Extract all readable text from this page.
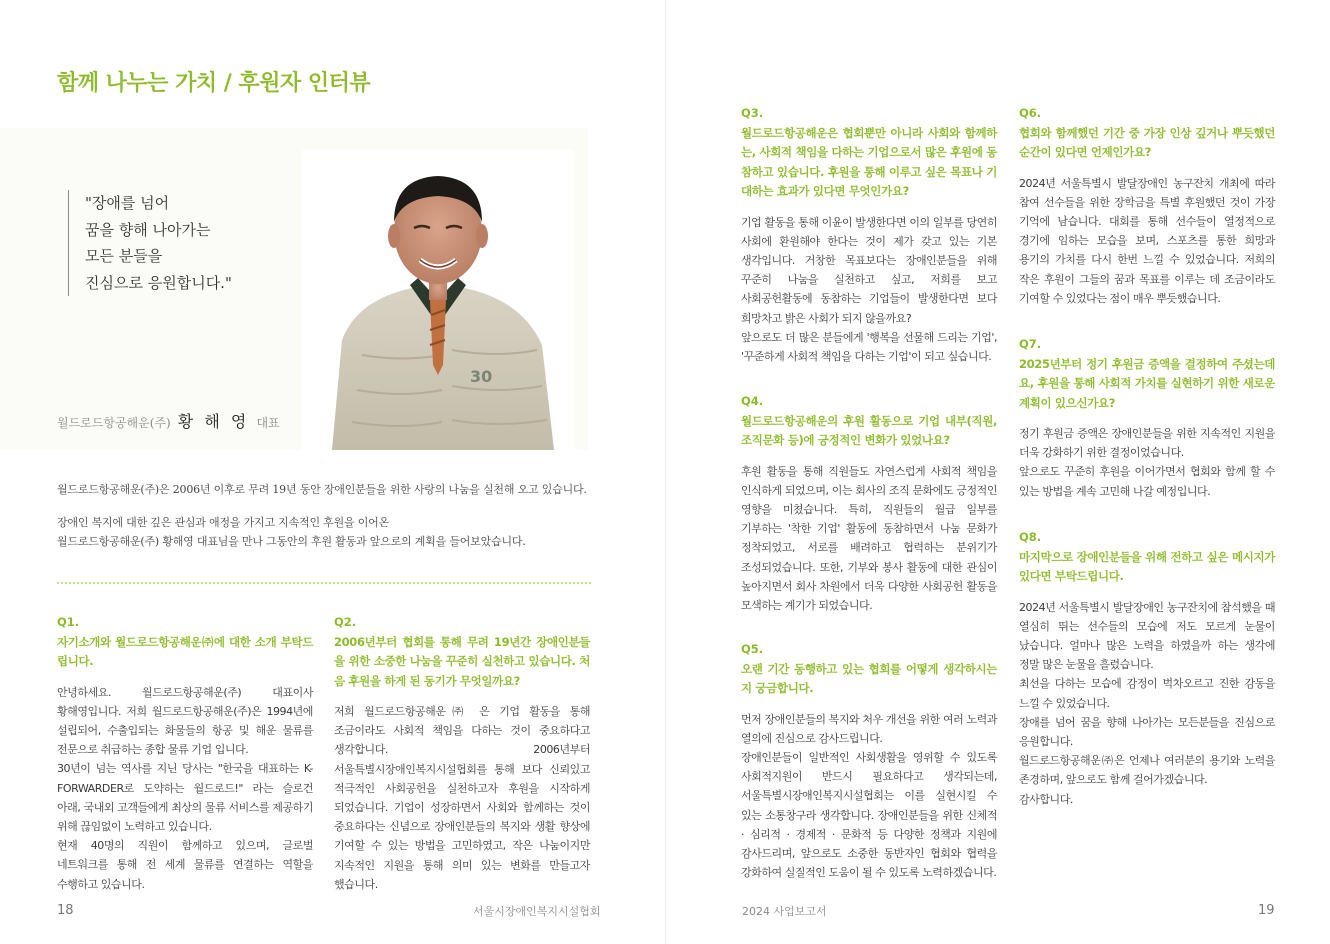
함께 나누는 가치 / 후원자 인터뷰
"장애를 넘어
꿈을 향해 나아가는
모든 분들을
진심으로 응원합니다."
30
월드로드항공해운(주) 황 해 영 대표

월드로드항공해운(주)은 2006년 이후로 무려 19년 동안 장애인분들을 위한 사랑의 나눔을 실천해 오고 있습니다.

장애인 복지에 대한 깊은 관심과 애정을 가지고 지속적인 후원을 이어온

월드로드항공해운(주) 황해영 대표님을 만나 그동안의 후원 활동과 앞으로의 계획을 들어보았습니다.

Q1.
자기소개와 월드로드항공해운㈜에 대한 소개 부탁드립니다.

안녕하세요. 월드로드항공해운(주) 대표이사 황해영입니다. 저희 월드로드항공해운(주)은 1994년에 설립되어, 수출입되는 화물들의 항공 및 해운 물류를 전문으로 취급하는 종합 물류 기업 입니다.

30년이 넘는 역사를 지닌 당사는 "한국을 대표하는 K-FORWARDER로 도약하는 월드로드!" 라는 슬로건 아래, 국내외 고객들에게 최상의 물류 서비스를 제공하기 위해 끊임없이 노력하고 있습니다.

현재 40명의 직원이 함께하고 있으며, 글로벌 네트워크를 통해 전 세계 물류를 연결하는 역할을 수행하고 있습니다.

Q2.
2006년부터 협회를 통해 무려 19년간 장애인분들을 위한 소중한 나눔을 꾸준히 실천하고 있습니다. 처음 후원을 하게 된 동기가 무엇일까요?

저희 월드로드항공해운㈜ 은 기업 활동을 통해 조금이라도 사회적 책임을 다하는 것이 중요하다고 생각합니다. 2006년부터 서울특별시장애인복지시설협회를 통해 보다 신뢰있고 적극적인 사회공헌을 실천하고자 후원을 시작하게 되었습니다. 기업이 성장하면서 사회와 함께하는 것이 중요하다는 신념으로 장애인분들의 복지와 생활 향상에 기여할 수 있는 방법을 고민하였고, 작은 나눔이지만 지속적인 지원을 통해 의미 있는 변화를 만들고자 했습니다.

18	서울시장애인복지시설협회
Q3.
월드로드항공해운은 협회뿐만 아니라 사회와 함께하는, 사회적 책임을 다하는 기업으로서 많은 후원에 동참하고 있습니다. 후원을 통해 이루고 싶은 목표나 기대하는 효과가 있다면 무엇인가요?

기업 활동을 통해 이윤이 발생한다면 이의 일부를 당연히 사회에 환원해야 한다는 것이 제가 갖고 있는 기본 생각입니다. 거창한 목표보다는 장애인분들을 위해 꾸준히 나눔을 실천하고 싶고, 저희를 보고 사회공헌활동에 동참하는 기업들이 발생한다면 보다 희망차고 밝은 사회가 되지 않을까요?

앞으로도 더 많은 분들에게 '행복을 선물해 드리는 기업', '꾸준하게 사회적 책임을 다하는 기업'이 되고 싶습니다.

Q4.
월드로드항공해운의 후원 활동으로 기업 내부(직원, 조직문화 등)에 긍정적인 변화가 있었나요?

후원 활동을 통해 직원들도 자연스럽게 사회적 책임을 인식하게 되었으며, 이는 회사의 조직 문화에도 긍정적인 영향을 미쳤습니다. 특히, 직원들의 월급 일부를 기부하는 '착한 기업' 활동에 동참하면서 나눔 문화가 정착되었고, 서로를 배려하고 협력하는 분위기가 조성되었습니다. 또한, 기부와 봉사 활동에 대한 관심이 높아지면서 회사 차원에서 더욱 다양한 사회공헌 활동을 모색하는 계기가 되었습니다.

Q5.
오랜 기간 동행하고 있는 협회를 어떻게 생각하시는지 궁금합니다.

먼저 장애인분들의 복지와 처우 개선을 위한 여러 노력과 열의에 진심으로 감사드립니다.

장애인분들이 일반적인 사회생활을 영위할 수 있도록 사회적지원이 반드시 필요하다고 생각되는데, 서울특별시장애인복지시설협회는 이를 실현시킬 수 있는 소통창구라 생각합니다. 장애인분들을 위한 신체적 · 심리적 · 경제적 · 문화적 등 다양한 정책과 지원에 감사드리며, 앞으로도 소중한 동반자인 협회와 협력을 강화하여 실질적인 도움이 될 수 있도록 노력하겠습니다.

Q6.
협회와 함께했던 기간 중 가장 인상 깊거나 뿌듯했던 순간이 있다면 언제인가요?

2024년 서울특별시 발달장애인 농구잔치 개최에 따라 참여 선수들을 위한 장학금을 특별 후원했던 것이 가장 기억에 남습니다. 대회를 통해 선수들이 열정적으로 경기에 임하는 모습을 보며, 스포츠를 통한 희망과 용기의 가치를 다시 한번 느낄 수 있었습니다. 저희의 작은 후원이 그들의 꿈과 목표를 이루는 데 조금이라도 기여할 수 있었다는 점이 매우 뿌듯했습니다.

Q7.
2025년부터 정기 후원금 증액을 결정하여 주셨는데요, 후원을 통해 사회적 가치를 실현하기 위한 새로운 계획이 있으신가요?

정기 후원금 증액은 장애인분들을 위한 지속적인 지원을 더욱 강화하기 위한 결정이었습니다.

앞으로도 꾸준히 후원을 이어가면서 협회와 함께 할 수 있는 방법을 계속 고민해 나갈 예정입니다.

Q8.
마지막으로 장애인분들을 위해 전하고 싶은 메시지가 있다면 부탁드립니다.

2024년 서울특별시 발달장애인 농구잔치에 참석했을 때 열심히 뛰는 선수들의 모습에 저도 모르게 눈물이 났습니다. 얼마나 많은 노력을 하였을까 하는 생각에 정말 많은 눈물을 흘렸습니다.

최선을 다하는 모습에 감정이 벅차오르고 진한 감동을 느낄 수 있었습니다.

장애를 넘어 꿈을 향해 나아가는 모든분들을 진심으로 응원합니다.

월드로드항공해운㈜은 언제나 여러분의 용기와 노력을 존경하며, 앞으로도 함께 걸어가겠습니다.

감사합니다.

2024 사업보고서	19
